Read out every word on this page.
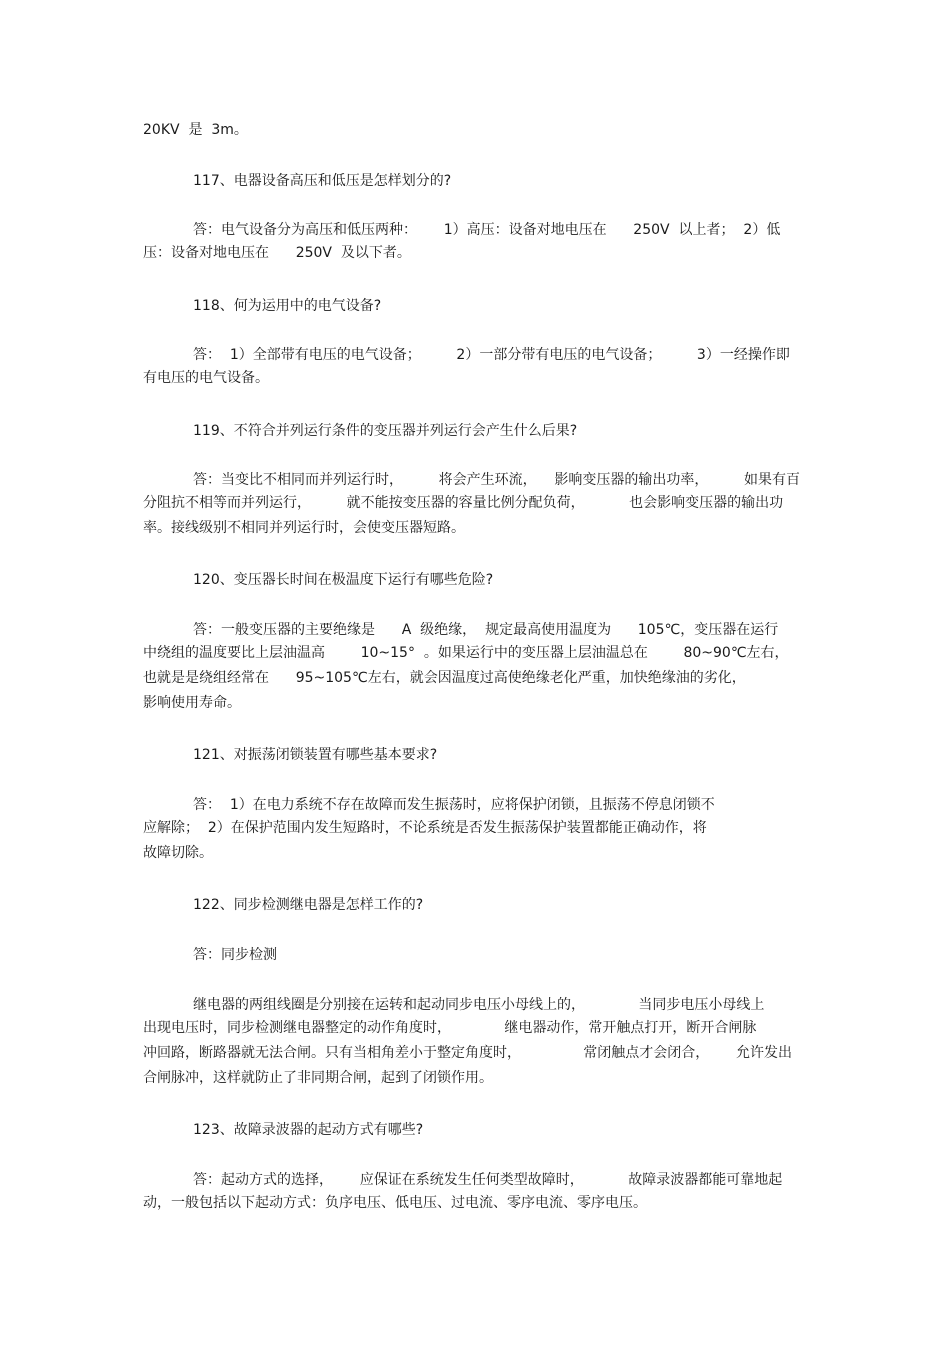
20KV  是  3m。
117、电器设备高压和低压是怎样划分的?
答：电气设备分为高压和低压两种：      1）高压：设备对地电压在      250V  以上者；  2）低
压：设备对地电压在      250V  及以下者。
118、何为运用中的电气设备?
答：  1）全部带有电压的电气设备；        2）一部分带有电压的电气设备；        3）一经操作即
有电压的电气设备。
119、不符合并列运行条件的变压器并列运行会产生什么后果?
答：当变比不相同而并列运行时，        将会产生环流，    影响变压器的输出功率，        如果有百
分阻抗不相等而并列运行，        就不能按变压器的容量比例分配负荷，          也会影响变压器的输出功
率。接线级别不相同并列运行时，会使变压器短路。
120、变压器长时间在极温度下运行有哪些危险?
答：一般变压器的主要绝缘是      A  级绝缘，  规定最高使用温度为      105℃，变压器在运行
中绕组的温度要比上层油温高        10~15°  。如果运行中的变压器上层油温总在        80~90℃左右，
也就是是绕组经常在      95~105℃左右，就会因温度过高使绝缘老化严重，加快绝缘油的劣化，
影响使用寿命。
121、对振荡闭锁装置有哪些基本要求?
答：  1）在电力系统不存在故障而发生振荡时，应将保护闭锁，且振荡不停息闭锁不
应解除；  2）在保护范围内发生短路时，不论系统是否发生振荡保护装置都能正确动作，将
故障切除。
122、同步检测继电器是怎样工作的?
答：同步检测
继电器的两组线圈是分别接在运转和起动同步电压小母线上的，            当同步电压小母线上
出现电压时，同步检测继电器整定的动作角度时，            继电器动作，常开触点打开，断开合闸脉
冲回路，断路器就无法合闸。只有当相角差小于整定角度时，              常闭触点才会闭合，      允许发出
合闸脉冲，这样就防止了非同期合闸，起到了闭锁作用。
123、故障录波器的起动方式有哪些?
答：起动方式的选择，      应保证在系统发生任何类型故障时，          故障录波器都能可靠地起
动，一般包括以下起动方式：负序电压、低电压、过电流、零序电流、零序电压。
